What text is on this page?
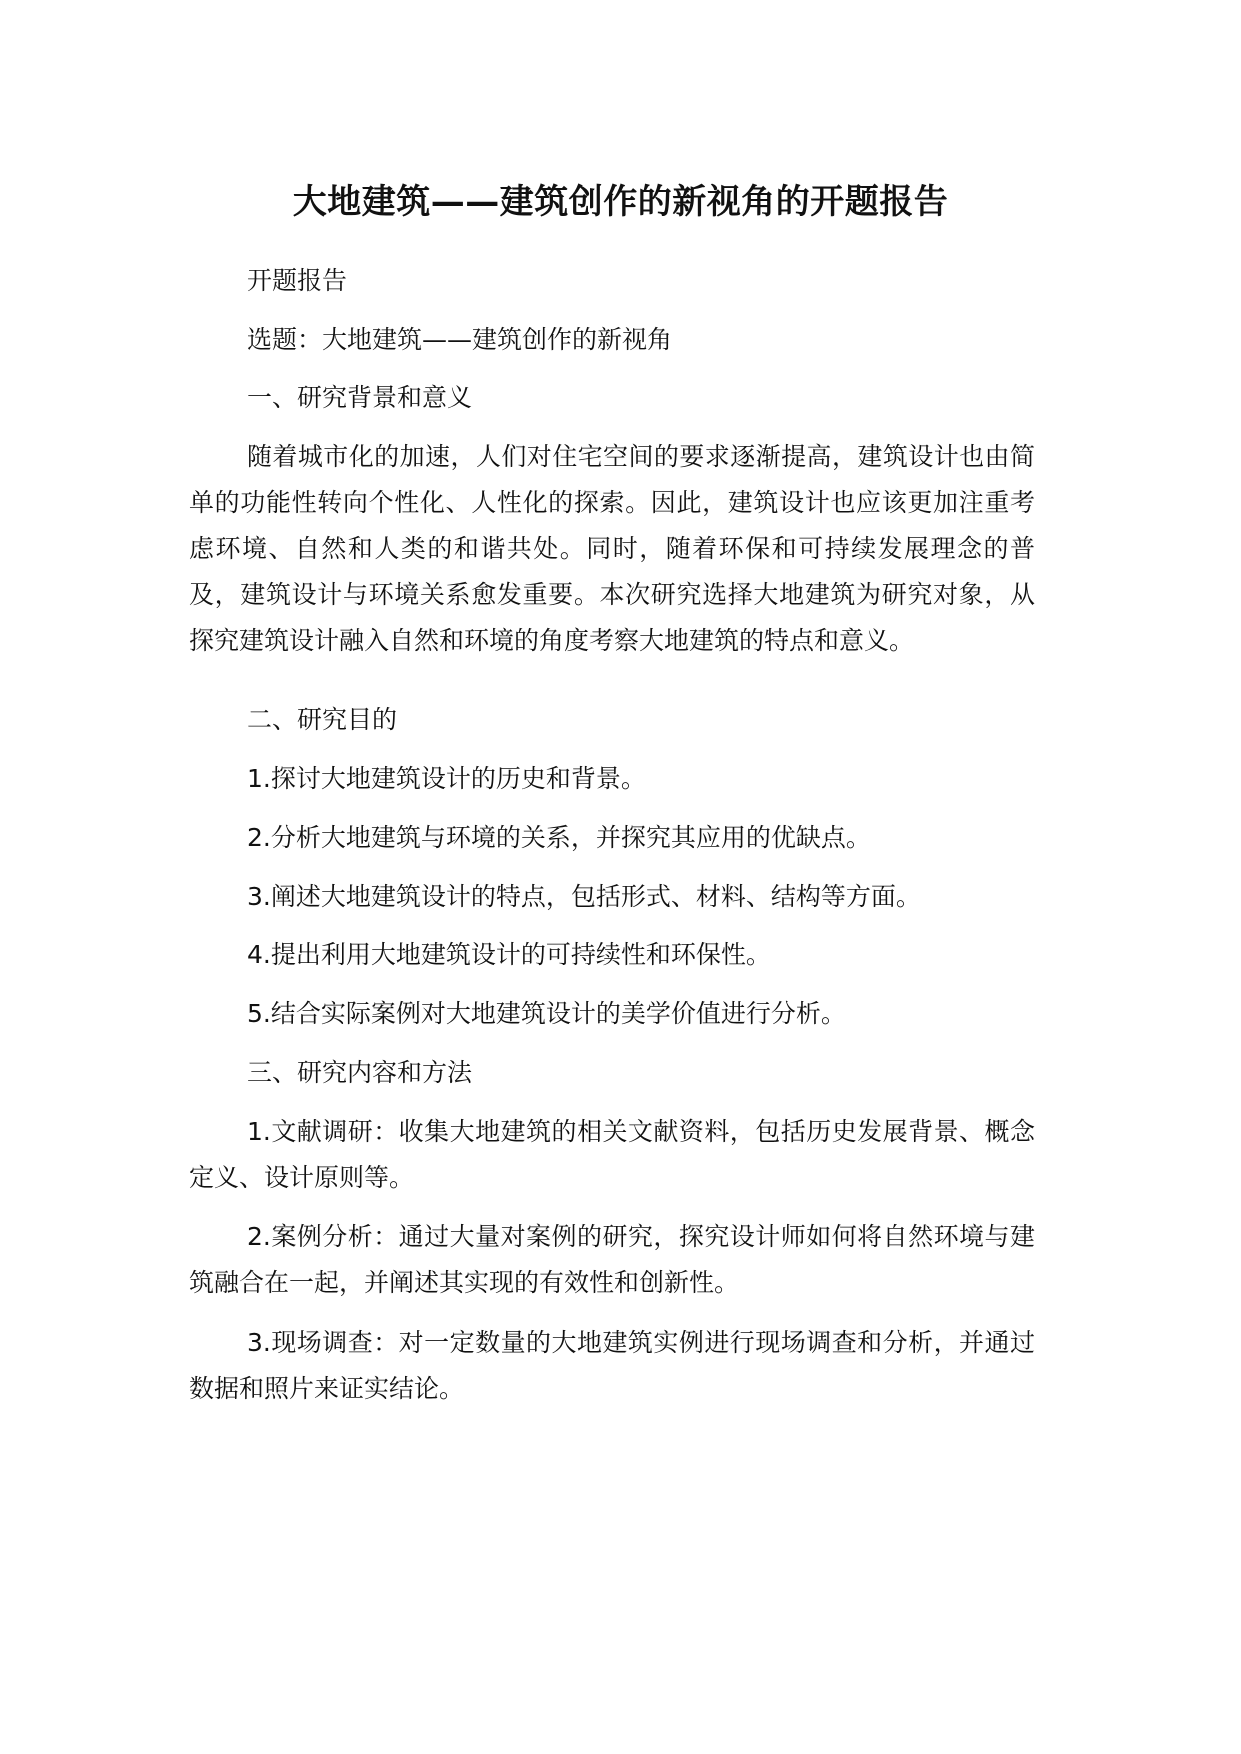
大地建筑——建筑创作的新视角的开题报告

开题报告

选题：大地建筑——建筑创作的新视角

一、研究背景和意义

随着城市化的加速，人们对住宅空间的要求逐渐提高，建筑设计也由简单的功能性转向个性化、人性化的探索。因此，建筑设计也应该更加注重考虑环境、自然和人类的和谐共处。同时，随着环保和可持续发展理念的普及，建筑设计与环境关系愈发重要。本次研究选择大地建筑为研究对象，从探究建筑设计融入自然和环境的角度考察大地建筑的特点和意义。

二、研究目的

1.探讨大地建筑设计的历史和背景。

2.分析大地建筑与环境的关系，并探究其应用的优缺点。

3.阐述大地建筑设计的特点，包括形式、材料、结构等方面。

4.提出利用大地建筑设计的可持续性和环保性。

5.结合实际案例对大地建筑设计的美学价值进行分析。

三、研究内容和方法

1.文献调研：收集大地建筑的相关文献资料，包括历史发展背景、概念定义、设计原则等。

2.案例分析：通过大量对案例的研究，探究设计师如何将自然环境与建筑融合在一起，并阐述其实现的有效性和创新性。

3.现场调查：对一定数量的大地建筑实例进行现场调查和分析，并通过数据和照片来证实结论。
